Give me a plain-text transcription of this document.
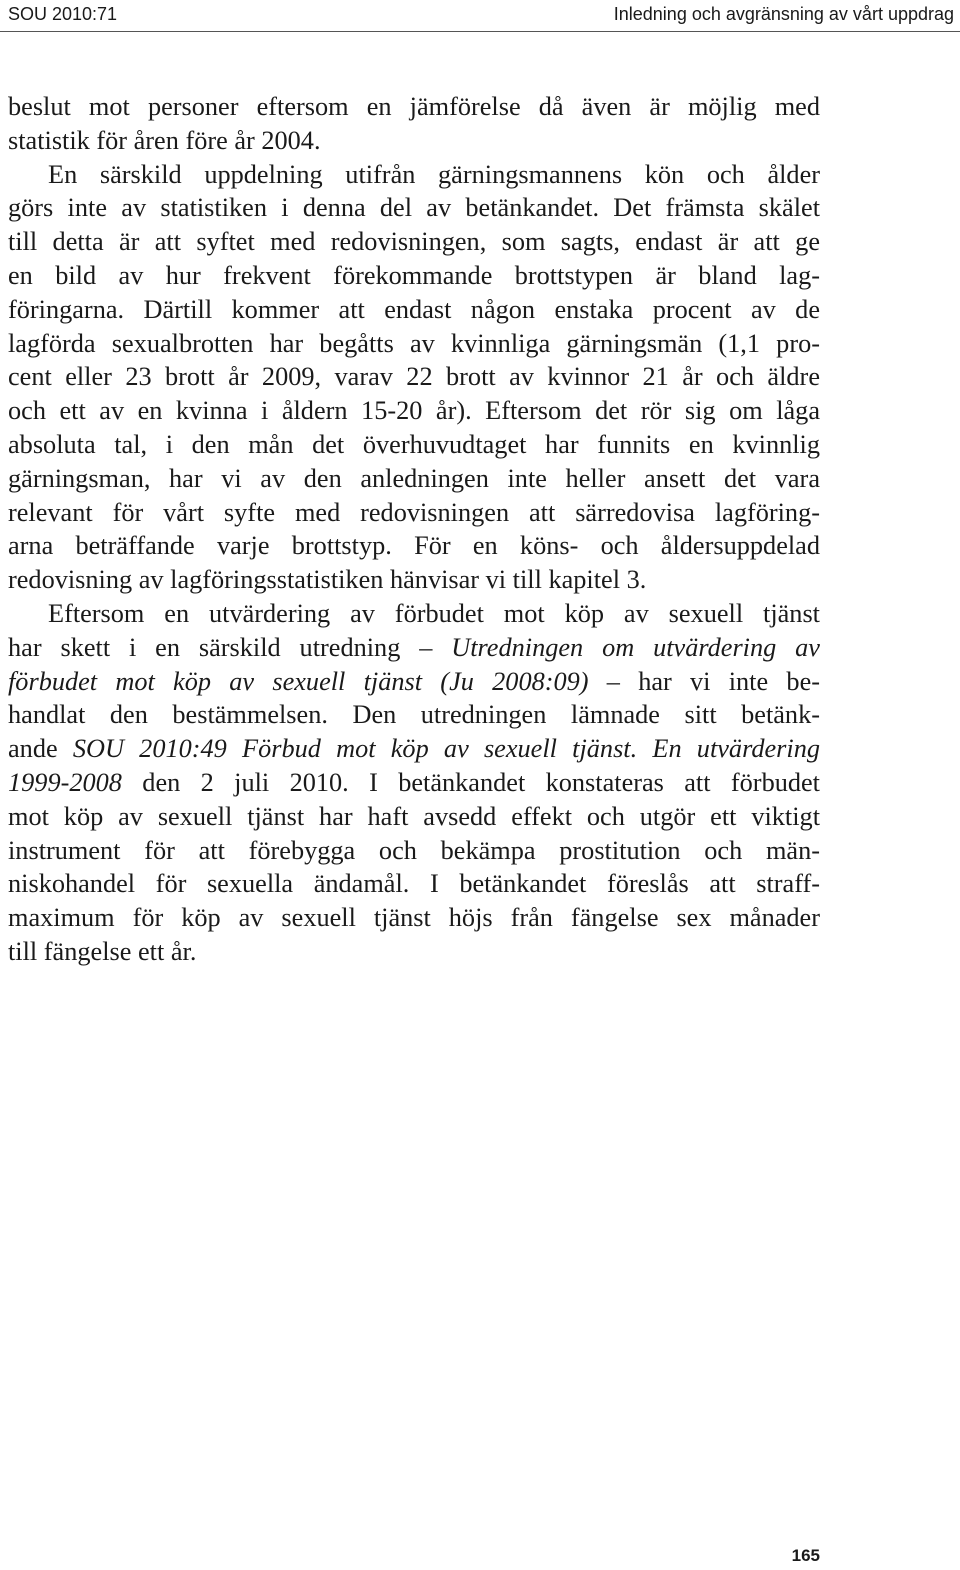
SOU 2010:71	Inledning och avgränsning av vårt uppdrag
beslut mot personer eftersom en jämförelse då även är möjlig med
statistik för åren före år 2004.
En särskild uppdelning utifrån gärningsmannens kön och ålder
görs inte av statistiken i denna del av betänkandet. Det främsta skälet
till detta är att syftet med redovisningen, som sagts, endast är att ge
en bild av hur frekvent förekommande brottstypen är bland lag-
föringarna. Därtill kommer att endast någon enstaka procent av de
lagförda sexualbrotten har begåtts av kvinnliga gärningsmän (1,1 pro-
cent eller 23 brott år 2009, varav 22 brott av kvinnor 21 år och äldre
och ett av en kvinna i åldern 15-20 år). Eftersom det rör sig om låga
absoluta tal, i den mån det överhuvudtaget har funnits en kvinnlig
gärningsman, har vi av den anledningen inte heller ansett det vara
relevant för vårt syfte med redovisningen att särredovisa lagföring-
arna beträffande varje brottstyp. För en köns- och åldersuppdelad
redovisning av lagföringsstatistiken hänvisar vi till kapitel 3.
Eftersom en utvärdering av förbudet mot köp av sexuell tjänst
har skett i en särskild utredning – Utredningen om utvärdering av
förbudet mot köp av sexuell tjänst (Ju 2008:09) – har vi inte be-
handlat den bestämmelsen. Den utredningen lämnade sitt betänk-
ande SOU 2010:49 Förbud mot köp av sexuell tjänst. En utvärdering
1999-2008 den 2 juli 2010. I betänkandet konstateras att förbudet
mot köp av sexuell tjänst har haft avsedd effekt och utgör ett viktigt
instrument för att förebygga och bekämpa prostitution och män-
niskohandel för sexuella ändamål. I betänkandet föreslås att straff-
maximum för köp av sexuell tjänst höjs från fängelse sex månader
till fängelse ett år.
165
